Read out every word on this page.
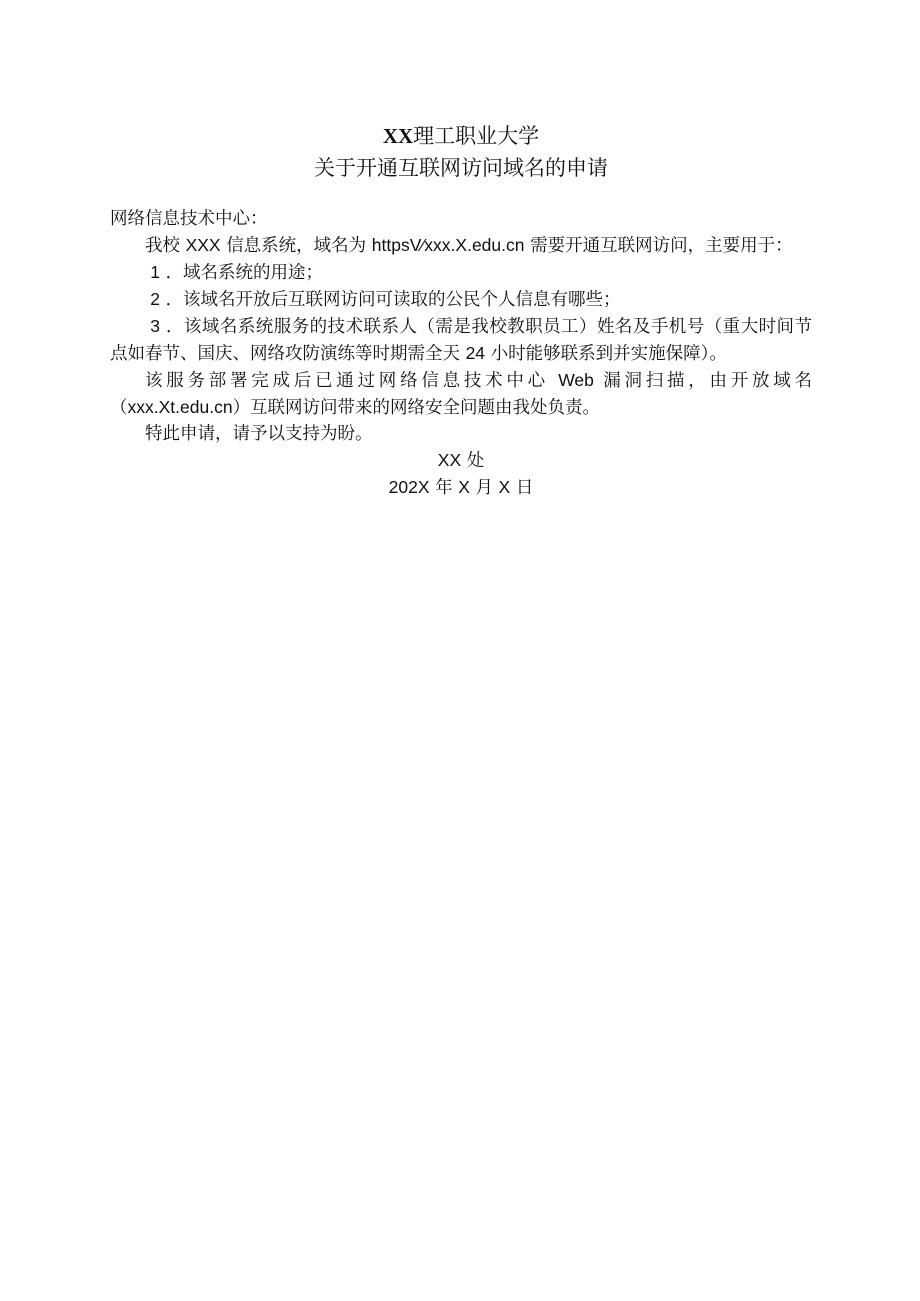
XX理工职业大学
关于开通互联网访问域名的申请

网络信息技术中心：

我校 XXX 信息系统，域名为 httpsV∕xxx.X.edu.cn 需要开通互联网访问，主要用于：

1 ．域名系统的用途；

2 ．该域名开放后互联网访问可读取的公民个人信息有哪些；

3 ．该域名系统服务的技术联系人（需是我校教职员工）姓名及手机号（重大时间节点如春节、国庆、网络攻防演练等时期需全天 24 小时能够联系到并实施保障）。

该服务部署完成后已通过网络信息技术中心 Web 漏洞扫描，由开放域名（xxx.Xt.edu.cn）互联网访问带来的网络安全问题由我处负责。

特此申请，请予以支持为盼。

XX 处

202X 年 X 月 X 日
